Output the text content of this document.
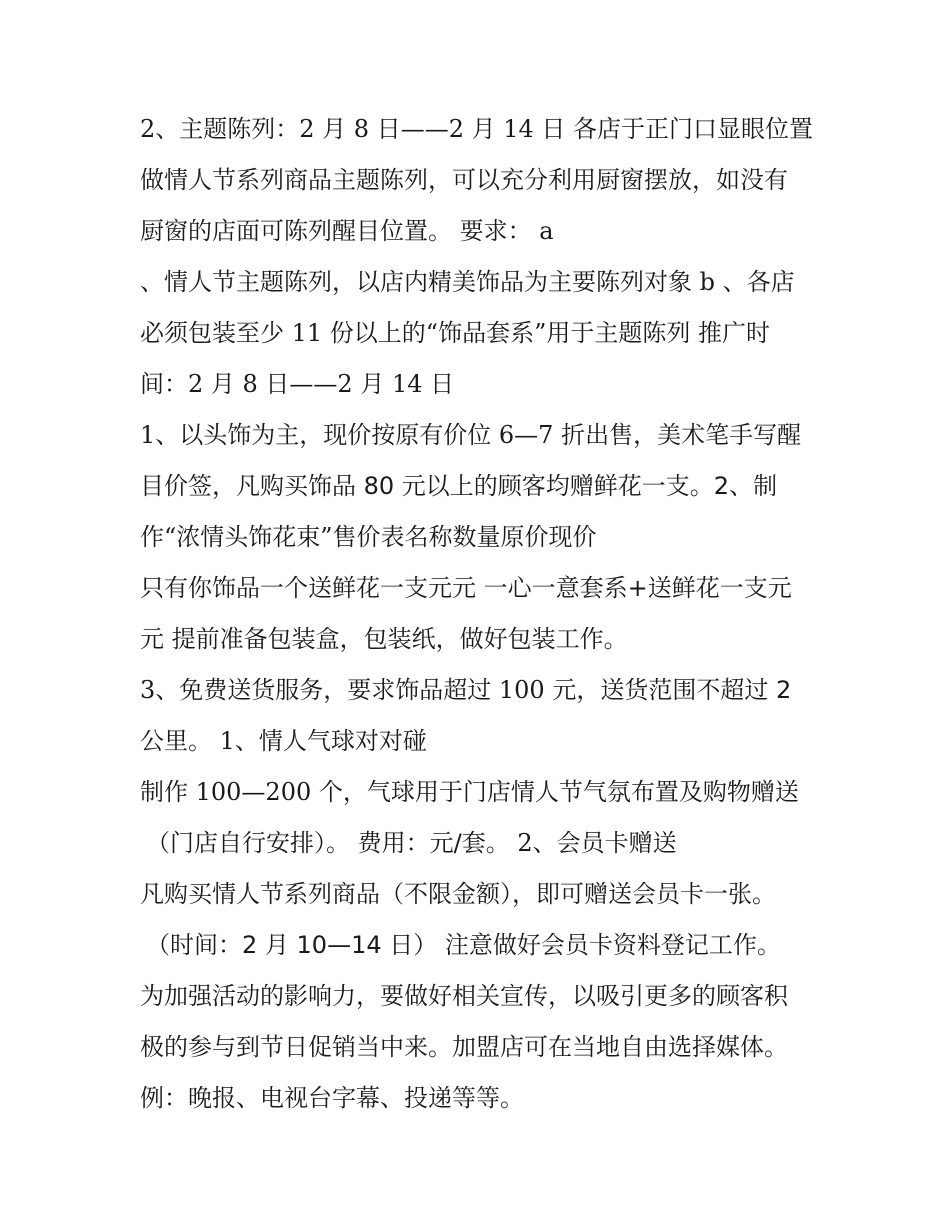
2、主题陈列：2 月 8 日——2 月 14 日 各店于正门口显眼位置
做情人节系列商品主题陈列，可以充分利用厨窗摆放，如没有
厨窗的店面可陈列醒目位置。 要求： a
、情人节主题陈列，以店内精美饰品为主要陈列对象 b 、各店
必须包装至少 11 份以上的“饰品套系”用于主题陈列 推广时
间：2 月 8 日——2 月 14 日
1、以头饰为主，现价按原有价位 6—7 折出售，美术笔手写醒
目价签，凡购买饰品 80 元以上的顾客均赠鲜花一支。2、制
作“浓情头饰花束”售价表名称数量原价现价
只有你饰品一个送鲜花一支元元 一心一意套系+送鲜花一支元
元 提前准备包装盒，包装纸，做好包装工作。
3、免费送货服务，要求饰品超过 100 元，送货范围不超过 2
公里。 1、情人气球对对碰
制作 100—200 个，气球用于门店情人节气氛布置及购物赠送
（门店自行安排）。 费用：元/套。 2、会员卡赠送
凡购买情人节系列商品（不限金额），即可赠送会员卡一张。
（时间：2 月 10—14 日） 注意做好会员卡资料登记工作。
为加强活动的影响力，要做好相关宣传，以吸引更多的顾客积
极的参与到节日促销当中来。加盟店可在当地自由选择媒体。
例：晚报、电视台字幕、投递等等。
